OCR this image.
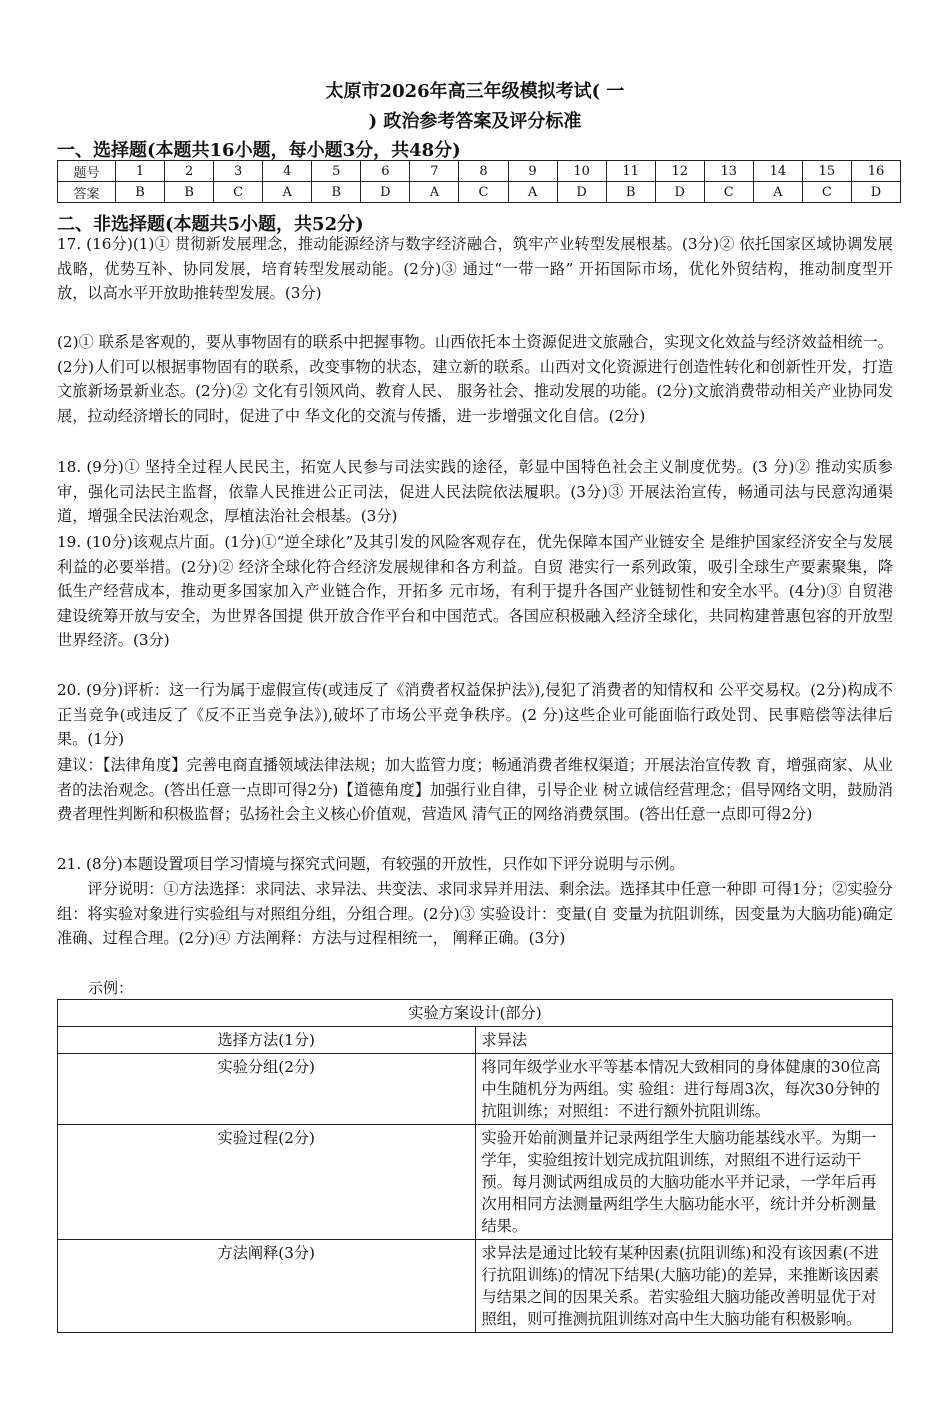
太原市2026年高三年级模拟考试( 一
) 政治参考答案及评分标准
一、选择题(本题共16小题，每小题3分，共48分)
题号	1	2	3	4	5	6	7	8	9	10	11	12	13	14	15	16
答案	B	B	C	A	B	D	A	C	A	D	B	D	C	A	C	D
二、非选择题(本题共5小题，共52分)
17. (16分)(1)① 贯彻新发展理念，推动能源经济与数字经济融合，筑牢产业转型发展根基。(3分)② 依托国家区域协调发展战略，优势互补、协同发展，培育转型发展动能。(2分)③ 通过“一带一路” 开拓国际市场，优化外贸结构，推动制度型开放，以高水平开放助推转型发展。(3分)
(2)① 联系是客观的，要从事物固有的联系中把握事物。山西依托本土资源促进文旅融合，实现文化效益与经济效益相统一。(2分)人们可以根据事物固有的联系，改变事物的状态，建立新的联系。山西对文化资源进行创造性转化和创新性开发，打造文旅新场景新业态。(2分)② 文化有引领风尚、教育人民、 服务社会、推动发展的功能。(2分)文旅消费带动相关产业协同发展，拉动经济增长的同时，促进了中 华文化的交流与传播，进一步增强文化自信。(2分)
18. (9分)① 坚持全过程人民民主，拓宽人民参与司法实践的途径，彰显中国特色社会主义制度优势。(3 分)② 推动实质参审，强化司法民主监督，依靠人民推进公正司法，促进人民法院依法履职。(3分)③ 开展法治宣传，畅通司法与民意沟通渠道，增强全民法治观念，厚植法治社会根基。(3分)
19. (10分)该观点片面。(1分)①“逆全球化”及其引发的风险客观存在，优先保障本国产业链安全 是维护国家经济安全与发展利益的必要举措。(2分)② 经济全球化符合经济发展规律和各方利益。自贸 港实行一系列政策，吸引全球生产要素聚集，降低生产经营成本，推动更多国家加入产业链合作，开拓多 元市场，有利于提升各国产业链韧性和安全水平。(4分)③ 自贸港建设统筹开放与安全，为世界各国提 供开放合作平台和中国范式。各国应积极融入经济全球化，共同构建普惠包容的开放型世界经济。(3分)
20. (9分)评析：这一行为属于虚假宣传(或违反了《消费者权益保护法》),侵犯了消费者的知情权和 公平交易权。(2分)构成不正当竞争(或违反了《反不正当竞争法》),破坏了市场公平竞争秩序。(2 分)这些企业可能面临行政处罚、民事赔偿等法律后果。(1分)
建议：【法律角度】完善电商直播领域法律法规；加大监管力度；畅通消费者维权渠道；开展法治宣传教 育，增强商家、从业者的法治观念。(答出任意一点即可得2分)【道德角度】加强行业自律，引导企业 树立诚信经营理念；倡导网络文明，鼓励消费者理性判断和积极监督；弘扬社会主义核心价值观，营造风 清气正的网络消费氛围。(答出任意一点即可得2分)
21. (8分)本题设置项目学习情境与探究式问题，有较强的开放性，只作如下评分说明与示例。
评分说明：①方法选择：求同法、求异法、共变法、求同求异并用法、剩余法。选择其中任意一种即 可得1分；②实验分组：将实验对象进行实验组与对照组分组，分组合理。(2分)③ 实验设计：变量(自 变量为抗阻训练，因变量为大脑功能)确定准确、过程合理。(2分)④ 方法阐释：方法与过程相统一， 阐释正确。(3分)
示例：
实验方案设计(部分)	
选择方法(1分)	求异法
实验分组(2分)	将同年级学业水平等基本情况大致相同的身体健康的30位高中生随机分为两组。实 验组：进行每周3次，每次30分钟的抗阻训练；对照组：不进行额外抗阻训练。
实验过程(2分)	实验开始前测量并记录两组学生大脑功能基线水平。为期一学年，实验组按计划完成抗阻训练，对照组不进行运动干预。每月测试两组成员的大脑功能水平并记录，一学年后再次用相同方法测量两组学生大脑功能水平，统计并分析测量结果。
方法阐释(3分)	求异法是通过比较有某种因素(抗阻训练)和没有该因素(不进行抗阻训练)的情况下结果(大脑功能)的差异，来推断该因素与结果之间的因果关系。若实验组大脑功能改善明显优于对照组，则可推测抗阻训练对高中生大脑功能有积极影响。
